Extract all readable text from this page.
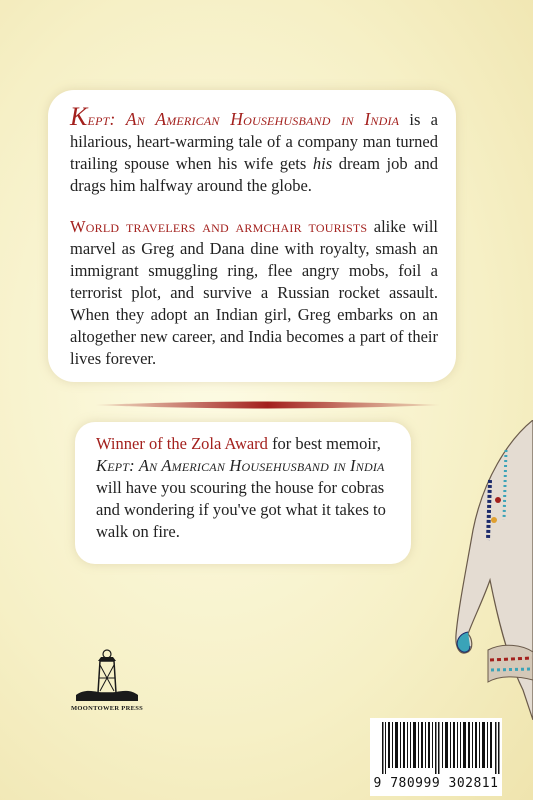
Kept: An American Househusband in India is a hilarious, heart-warming tale of a company man turned trailing spouse when his wife gets his dream job and drags him halfway around the globe.
World travelers and armchair tourists alike will marvel as Greg and Dana dine with royalty, smash an immigrant smuggling ring, flee angry mobs, foil a terrorist plot, and survive a Russian rocket assault. When they adopt an Indian girl, Greg embarks on an altogether new career, and India becomes a part of their lives forever.
Winner of the Zola Award for best memoir, Kept: An American Househusband in India will have you scouring the house for cobras and wondering if you've got what it takes to walk on fire.
MOONTOWER PRESS
9 780999 302811
